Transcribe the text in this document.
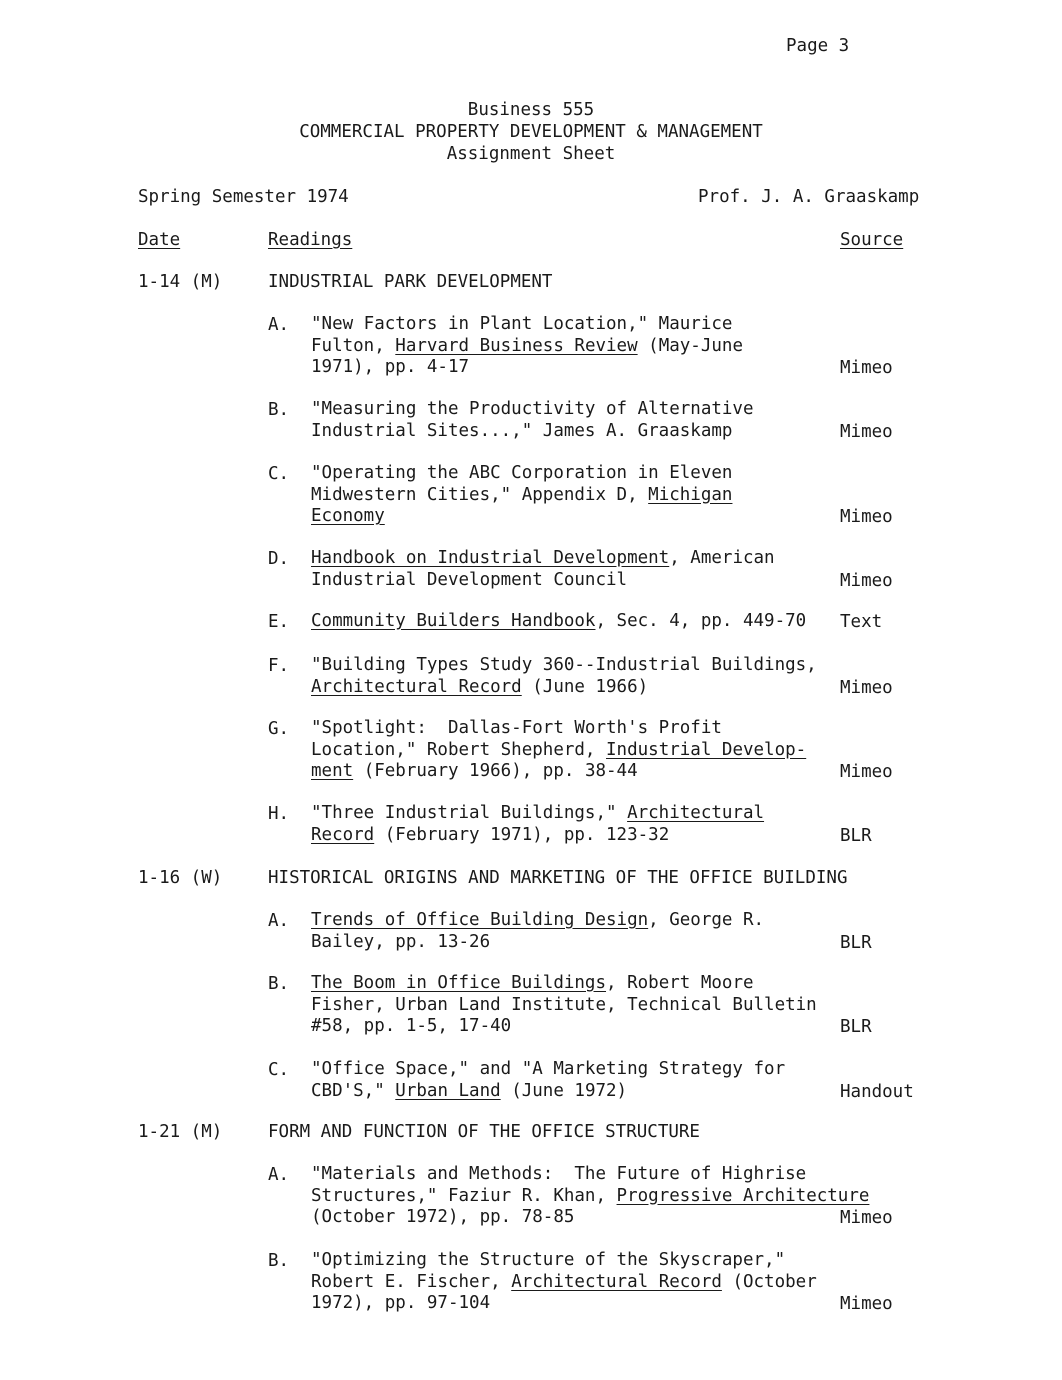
Page 3
Business 555
COMMERCIAL PROPERTY DEVELOPMENT & MANAGEMENT
Assignment Sheet
Spring Semester 1974	Prof. J. A. Graaskamp
Date	Readings	Source
1-14 (M)	INDUSTRIAL PARK DEVELOPMENT
A. "New Factors in Plant Location," Maurice
Fulton, Harvard Business Review (May-June
1971), pp. 4-17	Mimeo
B. "Measuring the Productivity of Alternative
Industrial Sites...," James A. Graaskamp	Mimeo
C. "Operating the ABC Corporation in Eleven
Midwestern Cities," Appendix D, Michigan
Economy	Mimeo
D. Handbook on Industrial Development, American
Industrial Development Council	Mimeo
E. Community Builders Handbook, Sec. 4, pp. 449-70 Text
F. "Building Types Study 360--Industrial Buildings,
Architectural Record (June 1966)	Mimeo
G. "Spotlight:  Dallas-Fort Worth's Profit
Location," Robert Shepherd, Industrial Develop-
ment (February 1966), pp. 38-44	Mimeo
H. "Three Industrial Buildings," Architectural
Record (February 1971), pp. 123-32	BLR
1-16 (W)	HISTORICAL ORIGINS AND MARKETING OF THE OFFICE BUILDING
A. Trends of Office Building Design, George R.
Bailey, pp. 13-26	BLR
B. The Boom in Office Buildings, Robert Moore
Fisher, Urban Land Institute, Technical Bulletin
#58, pp. 1-5, 17-40	BLR
C. "Office Space," and "A Marketing Strategy for
CBD'S," Urban Land (June 1972)	Handout
1-21 (M)	FORM AND FUNCTION OF THE OFFICE STRUCTURE
A. "Materials and Methods:  The Future of Highrise
Structures," Faziur R. Khan, Progressive Architecture
(October 1972), pp. 78-85	Mimeo
B. "Optimizing the Structure of the Skyscraper,"
Robert E. Fischer, Architectural Record (October
1972), pp. 97-104	Mimeo
